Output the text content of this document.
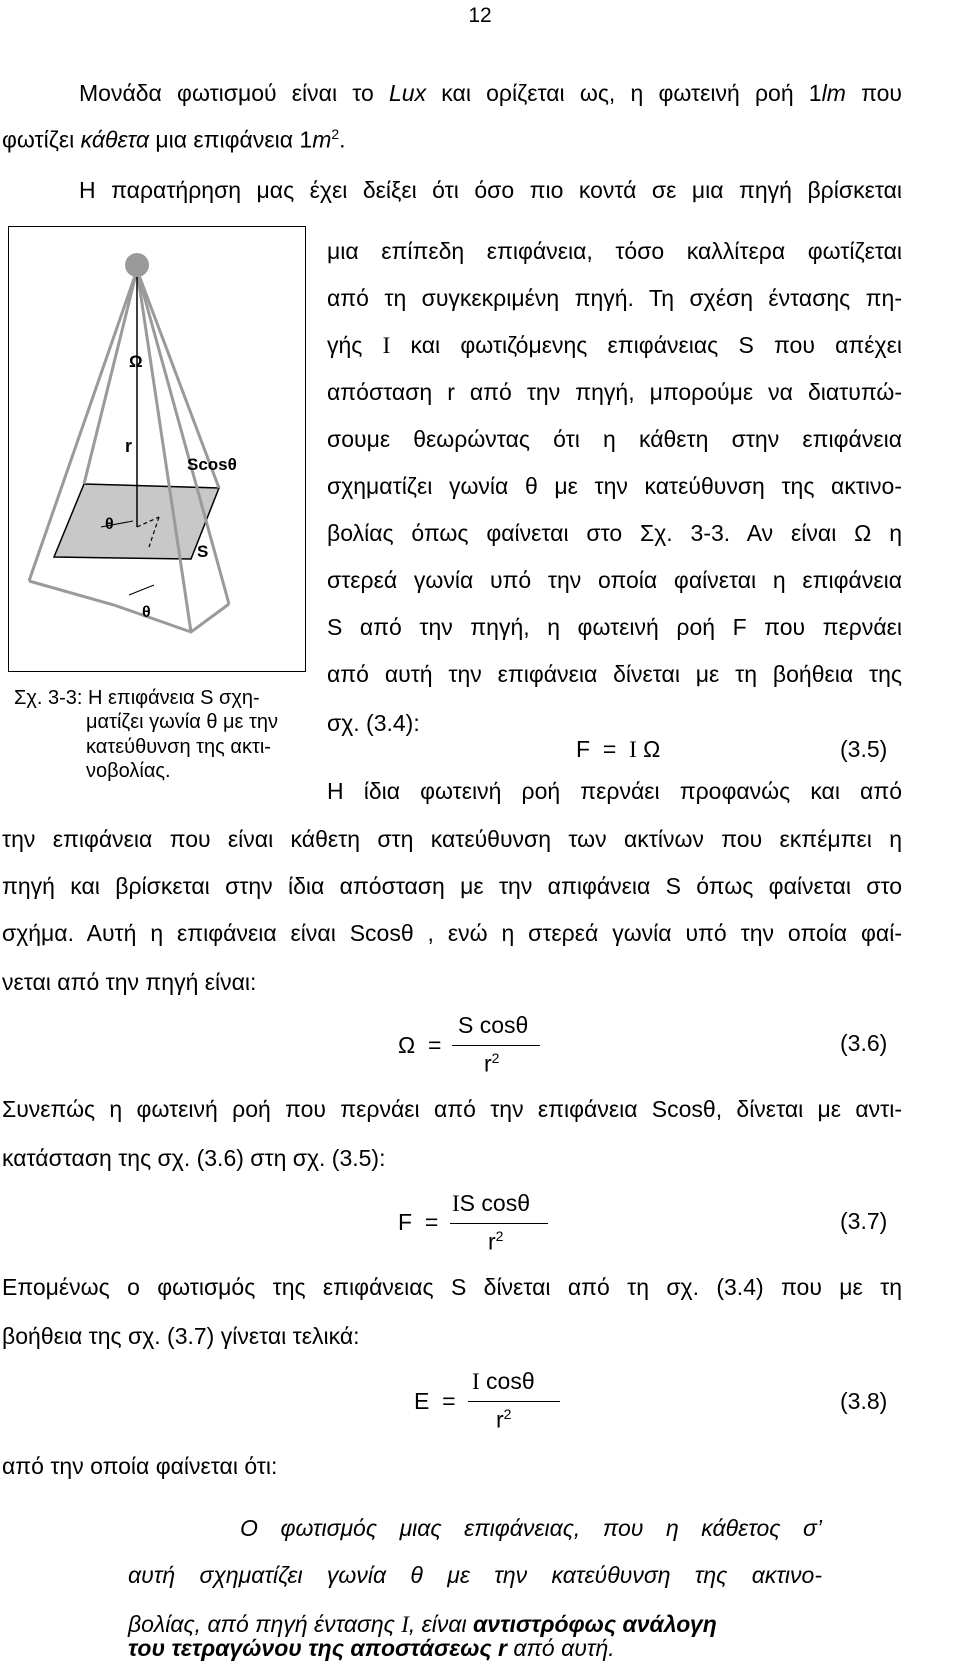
12
Μονάδα φωτισμού είναι το Lux και ορίζεται ως, η φωτεινή ροή 1lm που
φωτίζει κάθετα μια επιφάνεια $1m^2$.
Η παρατήρηση μας έχει δείξει ότι όσο πιο κοντά σε μια πηγή βρίσκεται
μια επίπεδη επιφάνεια, τόσο καλλίτερα φωτίζεται
από τη συγκεκριμένη πηγή. Τη σχέση έντασης πη-
γής I και φωτιζόμενης επιφάνειας S που απέχει
απόσταση r από την πηγή, μπορούμε να διατυπώ-
σουμε θεωρώντας ότι η κάθετη στην επιφάνεια
σχηματίζει γωνία θ με την κατεύθυνση της ακτινο-
βολίας όπως φαίνεται στο Σχ. 3-3. Αν είναι Ω η
στερεά γωνία υπό την οποία φαίνεται η επιφάνεια
S από την πηγή, η φωτεινή ροή F που περνάει
από αυτή την επιφάνεια δίνεται με τη βοήθεια της
σχ. (3.4):
Ω
r
Scosθ
θ
S
θ
Σχ. 3-3: Η επιφάνεια S σχη-
ματίζει γωνία θ με την
κατεύθυνση της ακτι-
νοβολίας.
F = I Ω	(3.5)
Η ίδια φωτεινή ροή περνάει προφανώς και από
την επιφάνεια που είναι κάθετη στη κατεύθυνση των ακτίνων που εκπέμπει η
πηγή και βρίσκεται στην ίδια απόσταση με την απιφάνεια S όπως φαίνεται στο
σχήμα. Αυτή η επιφάνεια είναι Scosθ , ενώ η στερεά γωνία υπό την οποία φαί-
νεται από την πηγή είναι:
Ω =
S cosθ
$r^2$
(3.6)
Συνεπώς η φωτεινή ροή που περνάει από την επιφάνεια Scosθ, δίνεται με αντι-
κατάσταση της σχ. (3.6) στη σχ. (3.5):
F =
IS cosθ
$r^2$
(3.7)
Επομένως ο φωτισμός της επιφάνειας S δίνεται από τη σχ. (3.4) που με τη
βοήθεια της σχ. (3.7) γίνεται τελικά:
E =
I cosθ
$r^2$	(3.8)
από την οποία φαίνεται ότι:
Ο φωτισμός μιας επιφάνειας, που η κάθετος σ’
αυτή σχηματίζει γωνία θ με την κατεύθυνση της ακτινο-
βολίας, από πηγή έντασης I, είναι αντιστρόφως ανάλογη
του τετραγώνου της αποστάσεως r από αυτή.
